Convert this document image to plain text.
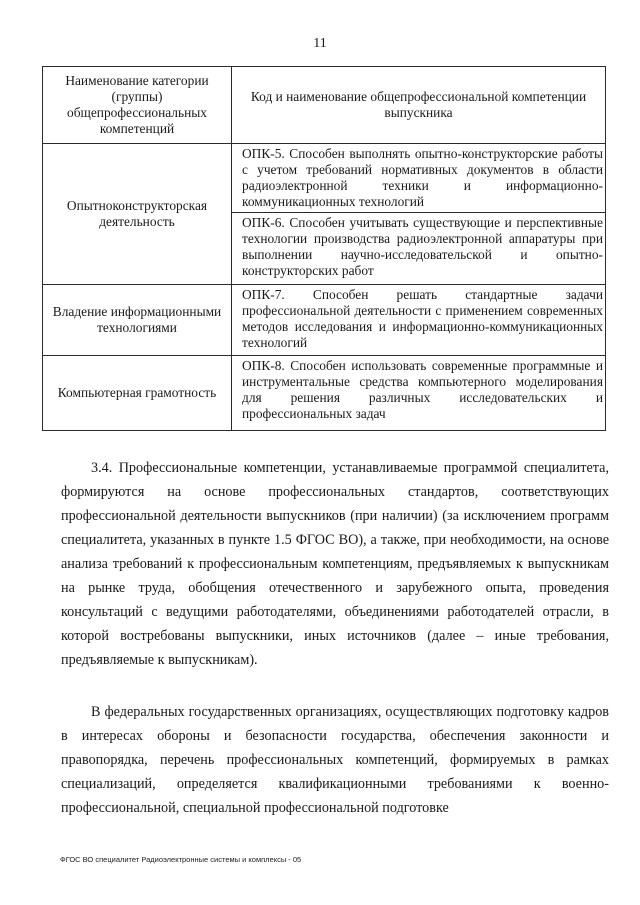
11
Наименование категории (группы) общепрофессиональных компетенций	Код и наименование общепрофессиональной компетенции выпускника
Опытноконструкторская деятельность	ОПК-5. Способен выполнять опытно-конструкторские работы с учетом требований нормативных документов в области радиоэлектронной техники и информационно-коммуникационных технологий
ОПК-6. Способен учитывать существующие и перспективные технологии производства радиоэлектронной аппаратуры при выполнении научно-исследовательской и опытно-конструкторских работ

Владение информационными технологиями	ОПК-7. Способен решать стандартные задачи профессиональной деятельности с применением современных методов исследования и информационно-коммуникационных технологий

Компьютерная грамотность	ОПК-8. Способен использовать современные программные и инструментальные средства компьютерного моделирования для решения различных исследовательских и профессиональных задач

3.4. Профессиональные компетенции, устанавливаемые программой специалитета, формируются на основе профессиональных стандартов, соответствующих профессиональной деятельности выпускников (при наличии) (за исключением программ специалитета, указанных в пункте 1.5 ФГОС ВО), а также, при необходимости, на основе анализа требований к профессиональным компетенциям, предъявляемых к выпускникам на рынке труда, обобщения отечественного и зарубежного опыта, проведения консультаций с ведущими работодателями, объединениями работодателей отрасли, в которой востребованы выпускники, иных источников (далее – иные требования, предъявляемые к выпускникам).

В федеральных государственных организациях, осуществляющих подготовку кадров в интересах обороны и безопасности государства, обеспечения законности и правопорядка, перечень профессиональных компетенций, формируемых в рамках специализаций, определяется квалификационными требованиями к военно-профессиональной, специальной профессиональной подготовке

ФГОС ВО специалитет Радиоэлектронные системы и комплексы - 05
